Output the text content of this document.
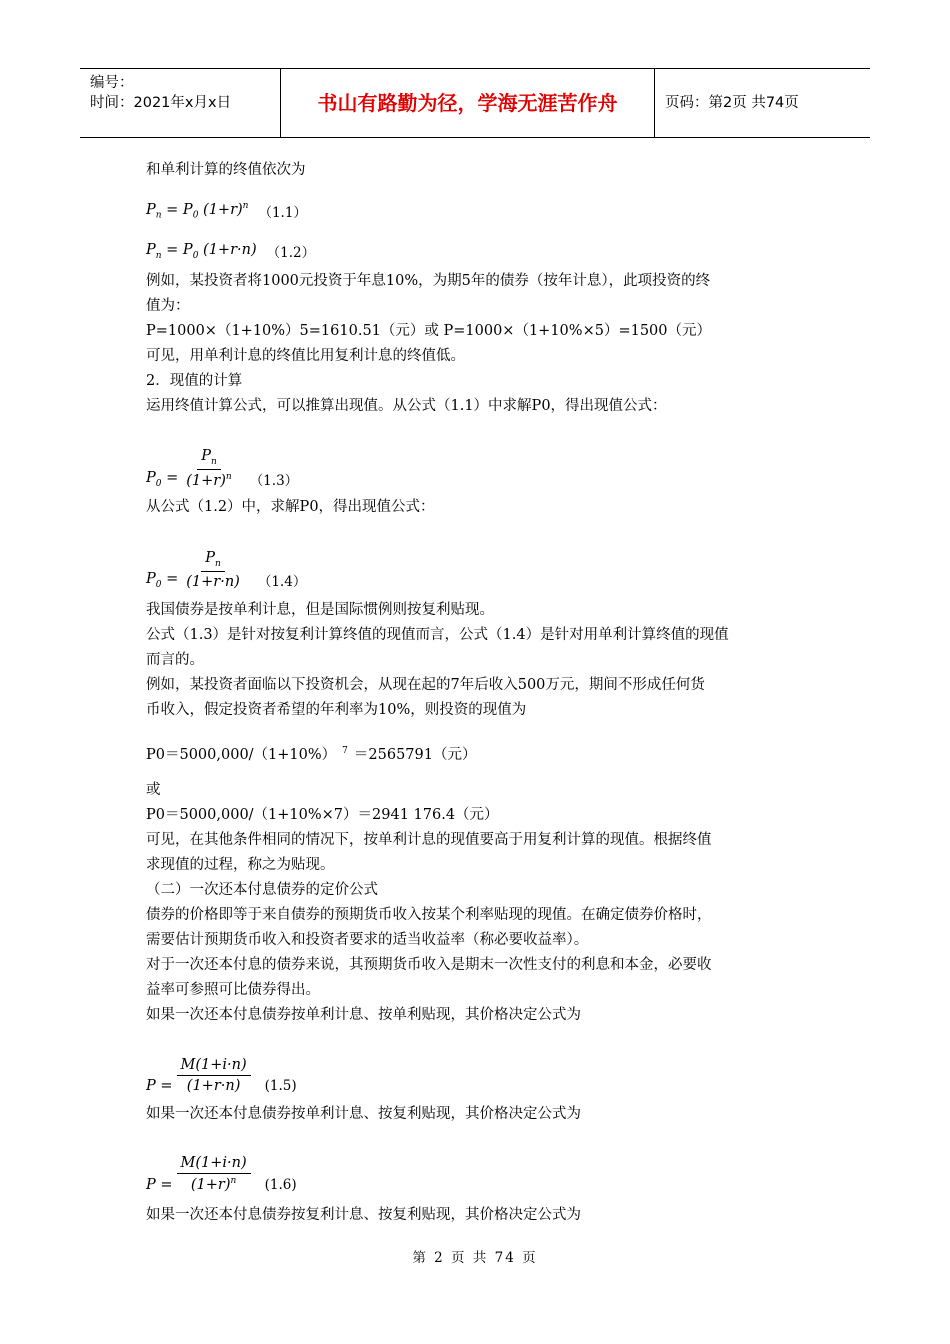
编号：
时间：2021年x月x日	书山有路勤为径，学海无涯苦作舟	页码：第2页 共74页

和单利计算的终值依次为

$P_n = P_0$ $(1+r)^n$ （1.1）
$P_n = P_0$ (1+r·n) （1.2）

例如，某投资者将1000元投资于年息10%，为期5年的债券（按年计息），此项投资的终

值为：

P=1000×（1+10%）5=1610.51（元）或 P=1000×（1+10%×5）=1500（元）

可见，用单利计息的终值比用复利计息的终值低。

2．现值的计算

运用终值计算公式，可以推算出现值。从公式（1.1）中求解P0，得出现值公式：

$P_0 = \frac{P_n}{(1+r)^n} (1.3)$

从公式（1.2）中，求解P0，得出现值公式：

$P_0 = \frac{P_n}{(1+r\cdot n)} (1.4)$

我国债券是按单利计息，但是国际惯例则按复利贴现。

公式（1.3）是针对按复利计算终值的现值而言，公式（1.4）是针对用单利计算终值的现值

而言的。

例如，某投资者面临以下投资机会，从现在起的7年后收入500万元，期间不形成任何货

币收入，假定投资者希望的年利率为10%，则投资的现值为

P0＝5000,000/（1+10%） $^7$ ＝2565791（元）

或

P0＝5000,000/（1+10%×7）＝2941 176.4（元）

可见，在其他条件相同的情况下，按单利计息的现值要高于用复利计算的现值。根据终值

求现值的过程，称之为贴现。

（二）一次还本付息债券的定价公式

债券的价格即等于来自债券的预期货币收入按某个利率贴现的现值。在确定债券价格时，

需要估计预期货币收入和投资者要求的适当收益率（称必要收益率）。

对于一次还本付息的债券来说，其预期货币收入是期末一次性支付的利息和本金，必要收

益率可参照可比债券得出。

如果一次还本付息债券按单利计息、按单利贴现，其价格决定公式为

$P = \frac{M(1+i\cdot n)}{(1+r\cdot n)} (1.5)$

如果一次还本付息债券按单利计息、按复利贴现，其价格决定公式为

$P = \frac{M(1+i\cdot n)}{(1+r)^n} (1.6)$

如果一次还本付息债券按复利计息、按复利贴现，其价格决定公式为

第 2 页 共 74 页
